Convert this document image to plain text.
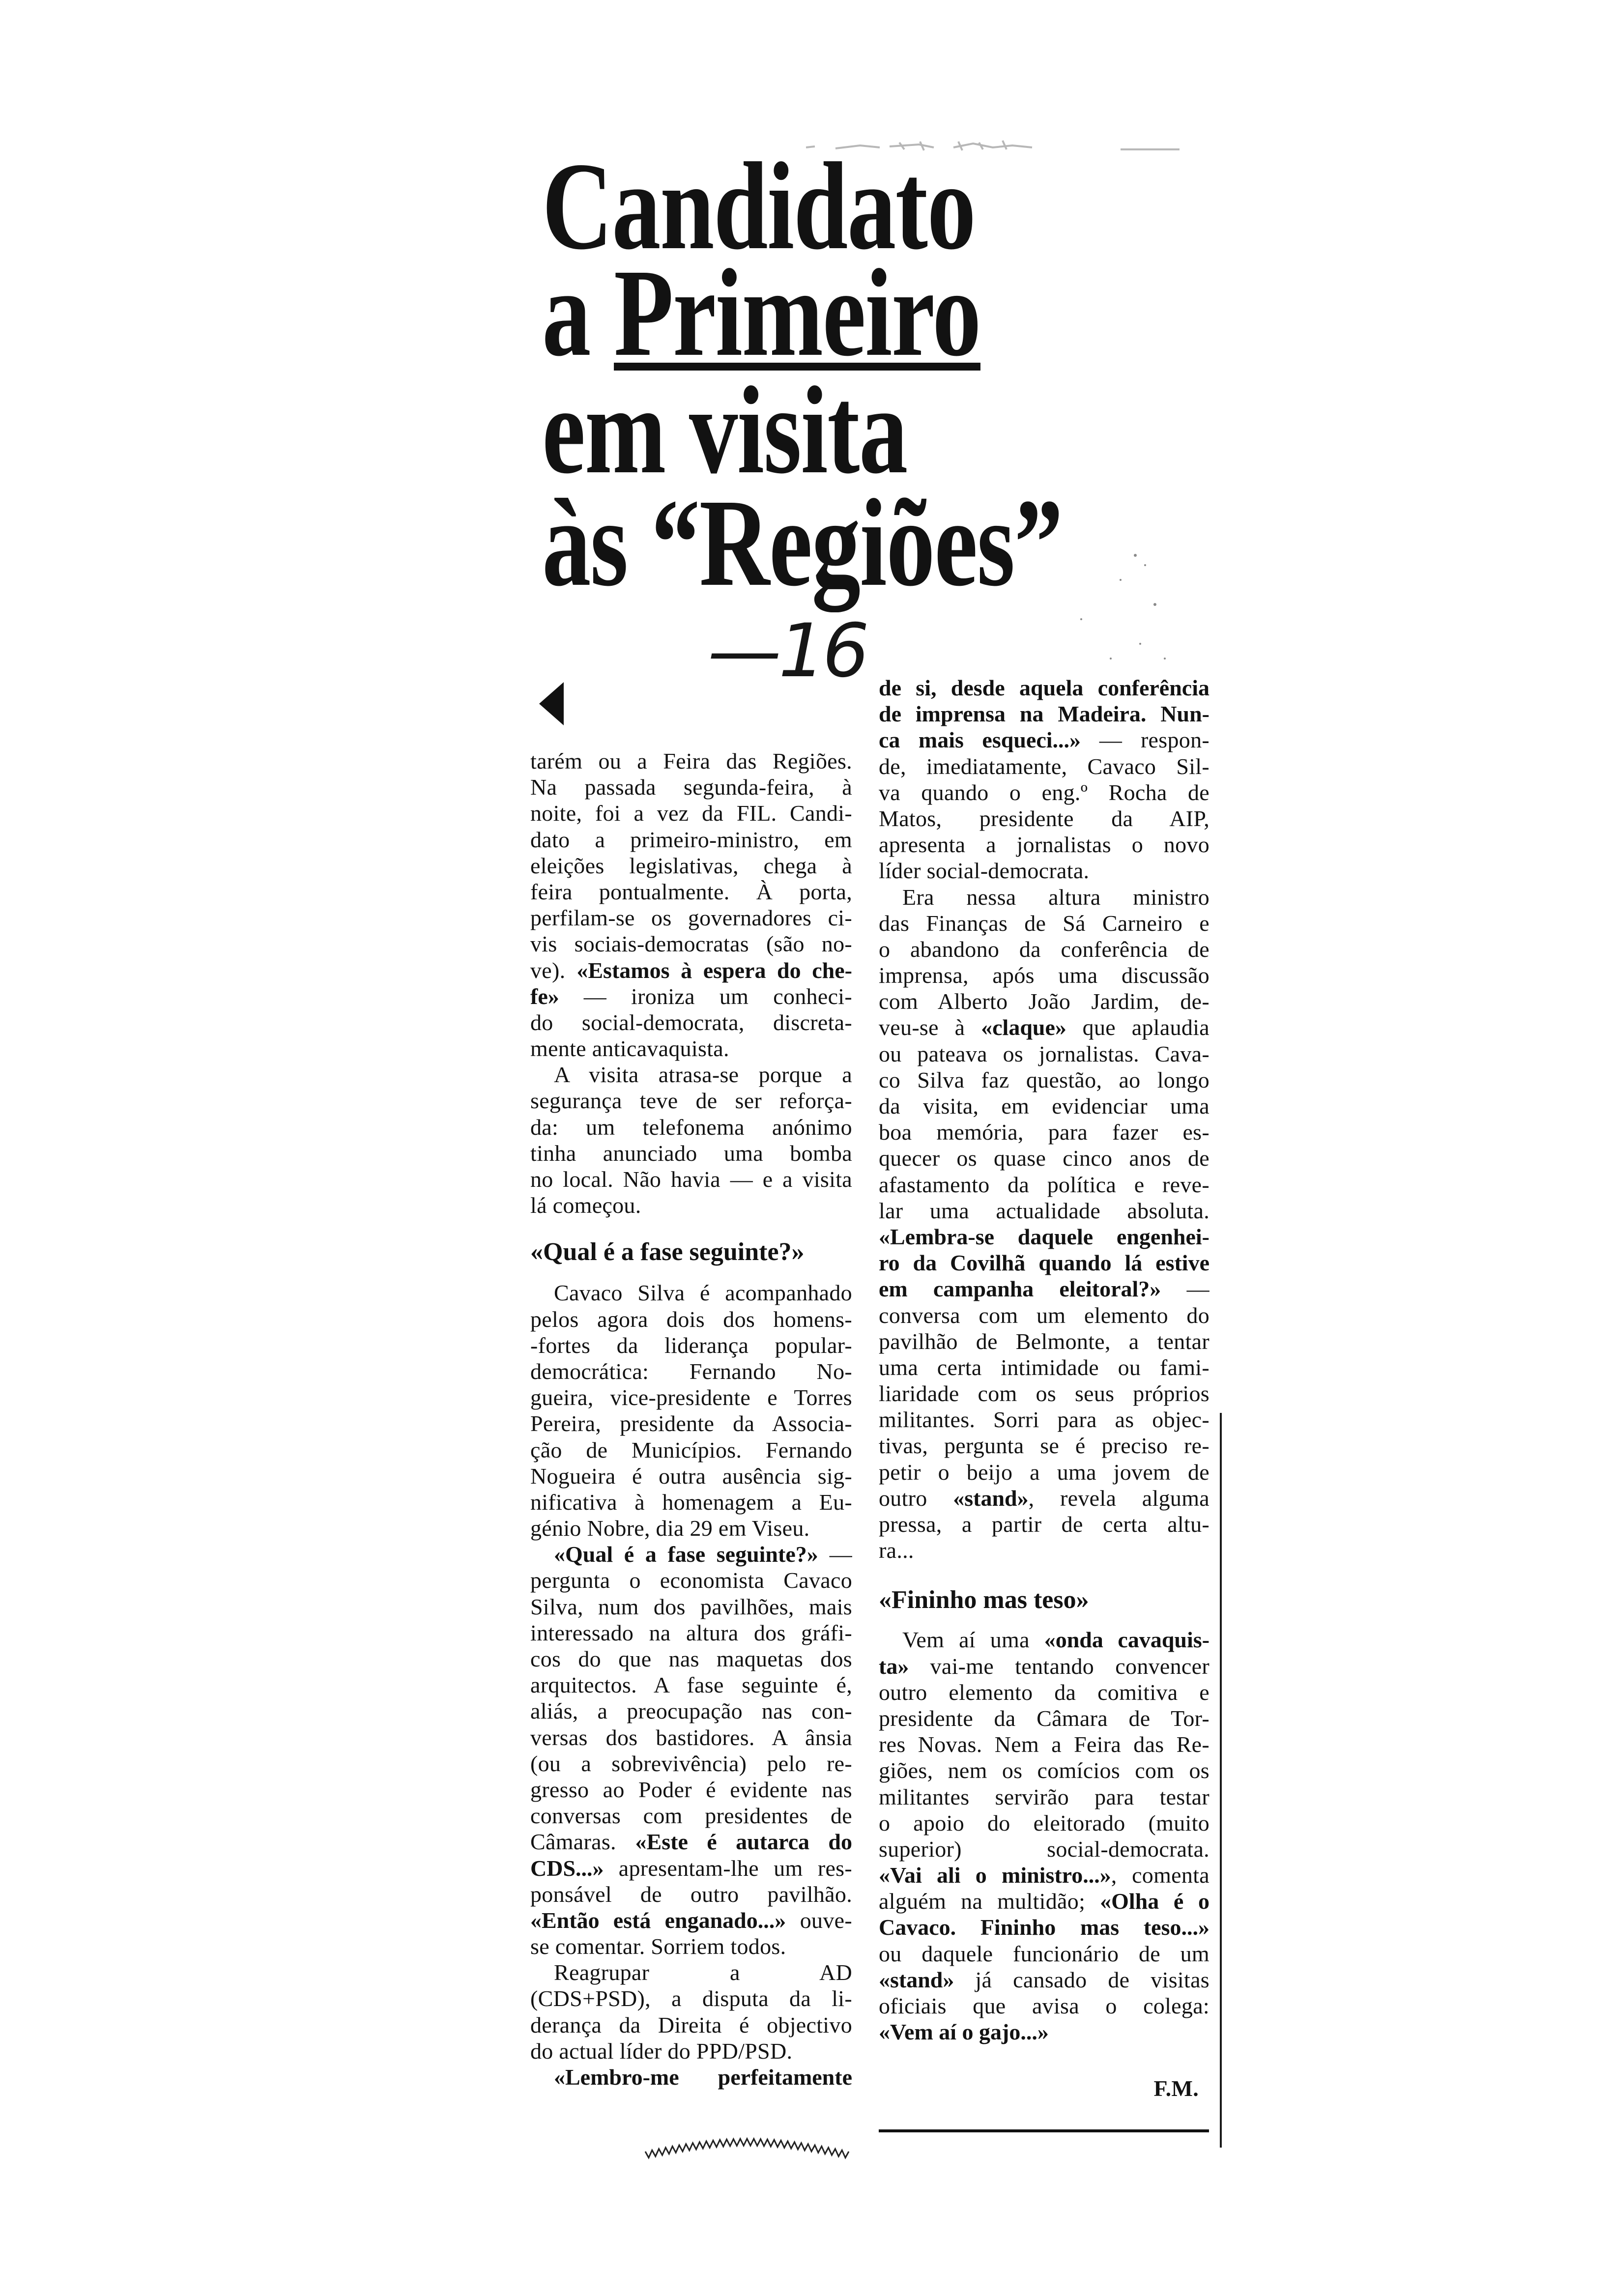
Candidato
a Primeiro
em visita
às “Regiões”
—16
tarém ou a Feira das Regiões.
Na passada segunda-feira, à
noite, foi a vez da FIL. Candi-
dato a primeiro-ministro, em
eleições legislativas, chega à
feira pontualmente. À porta,
perfilam-se os governadores ci-
vis sociais-democratas (são no-
ve). «Estamos à espera do che-
fe» — ironiza um conheci-
do social-democrata, discreta-
mente anticavaquista.
A visita atrasa-se porque a
segurança teve de ser reforça-
da: um telefonema anónimo
tinha anunciado uma bomba
no local. Não havia — e a visita
lá começou.
«Qual é a fase seguinte?»
Cavaco Silva é acompanhado
pelos agora dois dos homens-
-fortes da liderança popular-
democrática: Fernando No-
gueira, vice-presidente e Torres
Pereira, presidente da Associa-
ção de Municípios. Fernando
Nogueira é outra ausência sig-
nificativa à homenagem a Eu-
génio Nobre, dia 29 em Viseu.
«Qual é a fase seguinte?» —
pergunta o economista Cavaco
Silva, num dos pavilhões, mais
interessado na altura dos gráfi-
cos do que nas maquetas dos
arquitectos. A fase seguinte é,
aliás, a preocupação nas con-
versas dos bastidores. A ânsia
(ou a sobrevivência) pelo re-
gresso ao Poder é evidente nas
conversas com presidentes de
Câmaras. «Este é autarca do
CDS...» apresentam-lhe um res-
ponsável de outro pavilhão.
«Então está enganado...» ouve-
se comentar. Sorriem todos.
Reagrupar a AD
(CDS+PSD), a disputa da li-
derança da Direita é objectivo
do actual líder do PPD/PSD.
«Lembro-me perfeitamente
de si, desde aquela conferência
de imprensa na Madeira. Nun-
ca mais esqueci...» — respon-
de, imediatamente, Cavaco Sil-
va quando o eng.º Rocha de
Matos, presidente da AIP,
apresenta a jornalistas o novo
líder social-democrata.
Era nessa altura ministro
das Finanças de Sá Carneiro e
o abandono da conferência de
imprensa, após uma discussão
com Alberto João Jardim, de-
veu-se à «claque» que aplaudia
ou pateava os jornalistas. Cava-
co Silva faz questão, ao longo
da visita, em evidenciar uma
boa memória, para fazer es-
quecer os quase cinco anos de
afastamento da política e reve-
lar uma actualidade absoluta.
«Lembra-se daquele engenhei-
ro da Covilhã quando lá estive
em campanha eleitoral?» —
conversa com um elemento do
pavilhão de Belmonte, a tentar
uma certa intimidade ou fami-
liaridade com os seus próprios
militantes. Sorri para as objec-
tivas, pergunta se é preciso re-
petir o beijo a uma jovem de
outro «stand», revela alguma
pressa, a partir de certa altu-
ra...
«Fininho mas teso»
Vem aí uma «onda cavaquis-
ta» vai-me tentando convencer
outro elemento da comitiva e
presidente da Câmara de Tor-
res Novas. Nem a Feira das Re-
giões, nem os comícios com os
militantes servirão para testar
o apoio do eleitorado (muito
superior) social-democrata.
«Vai ali o ministro...», comenta
alguém na multidão; «Olha é o
Cavaco. Fininho mas teso...»
ou daquele funcionário de um
«stand» já cansado de visitas
oficiais que avisa o colega:
«Vem aí o gajo...»
F.M.
